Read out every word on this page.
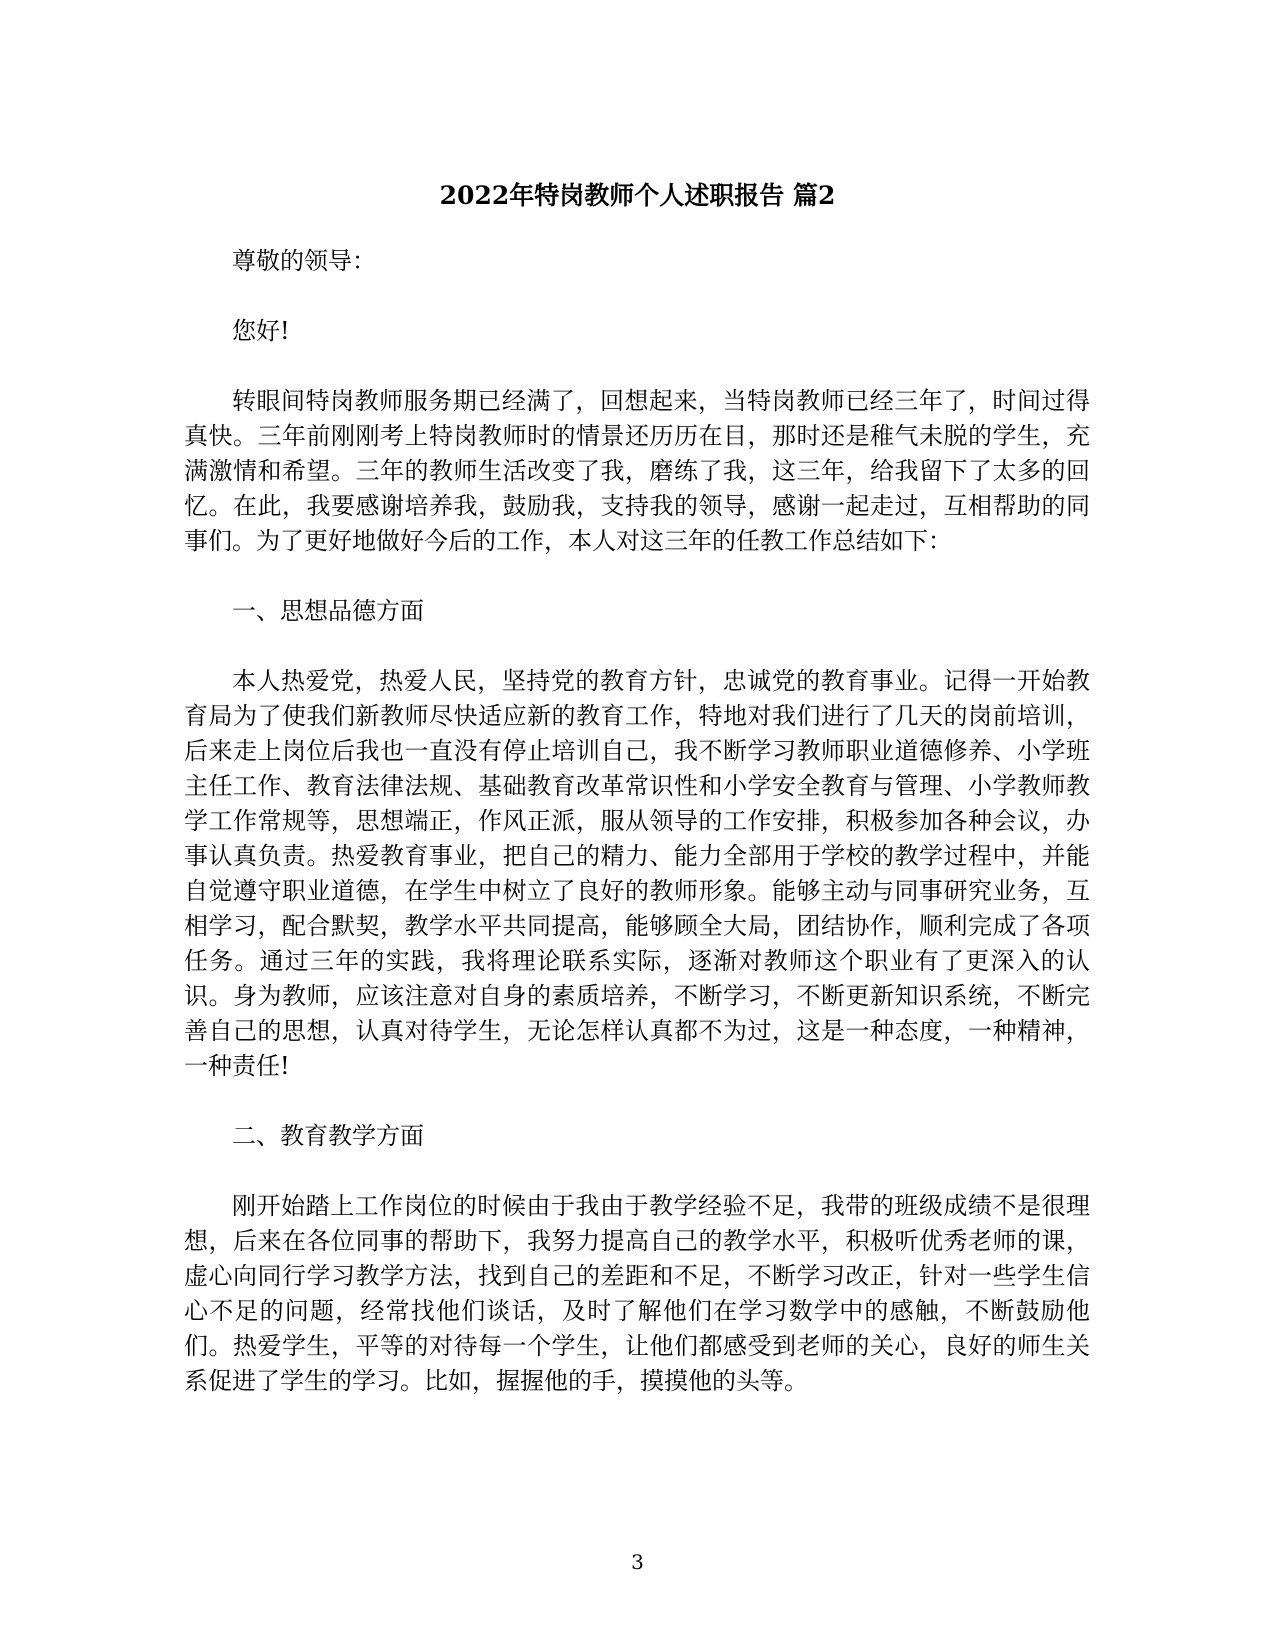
2022年特岗教师个人述职报告 篇2

尊敬的领导：

您好!

转眼间特岗教师服务期已经满了，回想起来，当特岗教师已经三年了，时间过得真快。三年前刚刚考上特岗教师时的情景还历历在目，那时还是稚气未脱的学生，充满激情和希望。三年的教师生活改变了我，磨练了我，这三年，给我留下了太多的回忆。在此，我要感谢培养我，鼓励我，支持我的领导，感谢一起走过，互相帮助的同事们。为了更好地做好今后的工作，本人对这三年的任教工作总结如下：

一、思想品德方面

本人热爱党，热爱人民，坚持党的教育方针，忠诚党的教育事业。记得一开始教育局为了使我们新教师尽快适应新的教育工作，特地对我们进行了几天的岗前培训，后来走上岗位后我也一直没有停止培训自己，我不断学习教师职业道德修养、小学班主任工作、教育法律法规、基础教育改革常识性和小学安全教育与管理、小学教师教学工作常规等，思想端正，作风正派，服从领导的工作安排，积极参加各种会议，办事认真负责。热爱教育事业，把自己的精力、能力全部用于学校的教学过程中，并能自觉遵守职业道德，在学生中树立了良好的教师形象。能够主动与同事研究业务，互相学习，配合默契，教学水平共同提高，能够顾全大局，团结协作，顺利完成了各项任务。通过三年的实践，我将理论联系实际，逐渐对教师这个职业有了更深入的认识。身为教师，应该注意对自身的素质培养，不断学习，不断更新知识系统，不断完善自己的思想，认真对待学生，无论怎样认真都不为过，这是一种态度，一种精神，一种责任!

二、教育教学方面

刚开始踏上工作岗位的时候由于我由于教学经验不足，我带的班级成绩不是很理想，后来在各位同事的帮助下，我努力提高自己的教学水平，积极听优秀老师的课，虚心向同行学习教学方法，找到自己的差距和不足，不断学习改正，针对一些学生信心不足的问题，经常找他们谈话，及时了解他们在学习数学中的感触，不断鼓励他们。热爱学生，平等的对待每一个学生，让他们都感受到老师的关心，良好的师生关系促进了学生的学习。比如，握握他的手，摸摸他的头等。

3
